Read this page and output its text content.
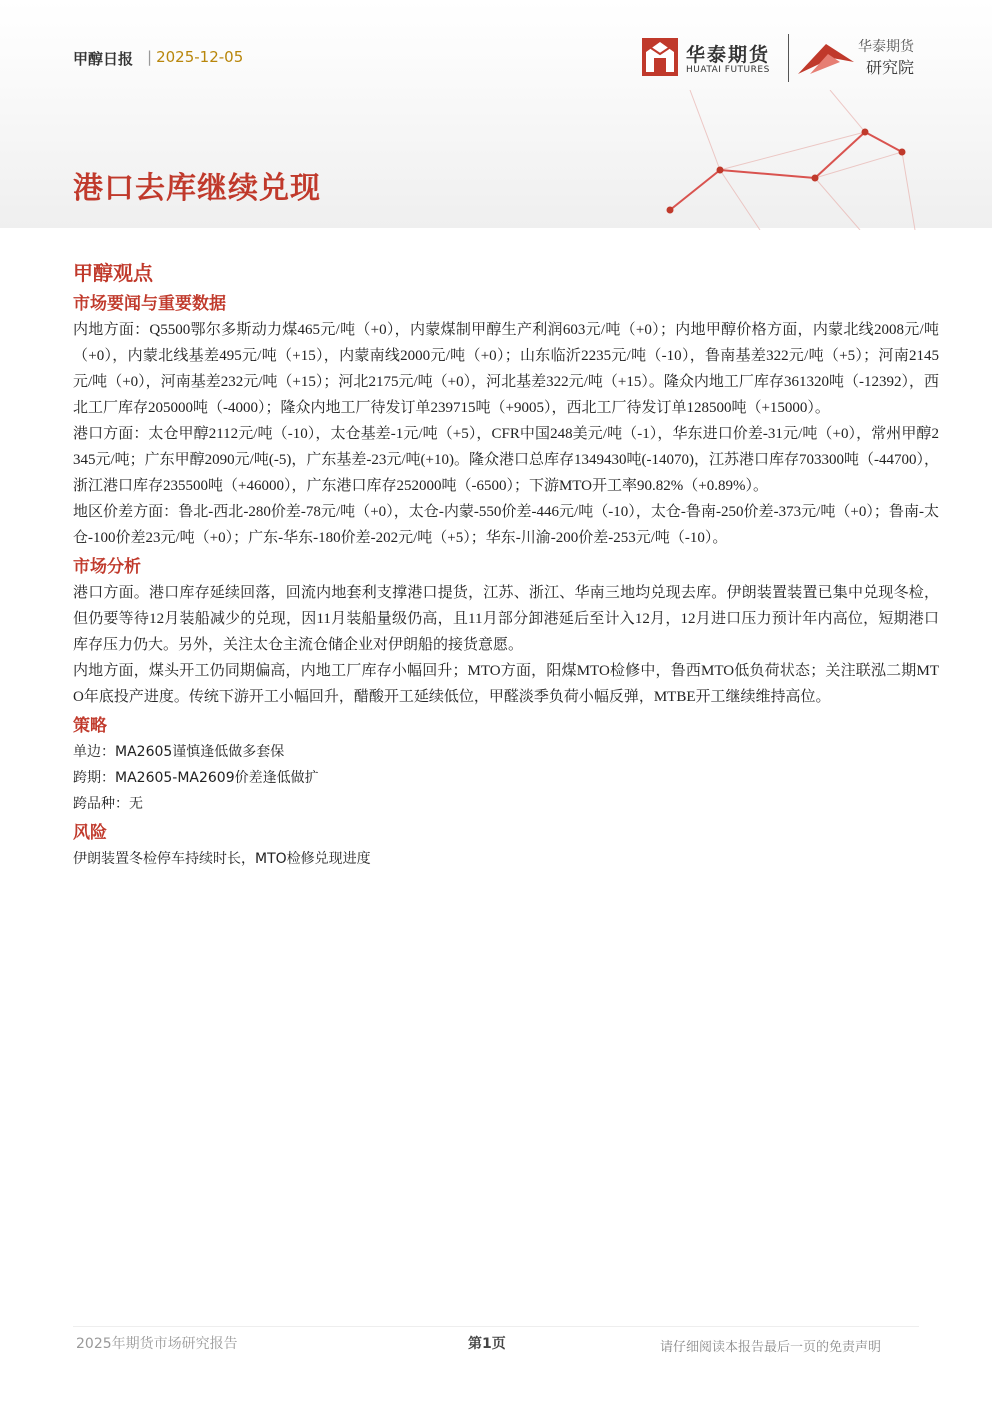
甲醇日报
|	2025-12-05	华泰期货
HUATAI FUTURES
华泰期货
研究院
港口去库继续兑现
甲醇观点
市场要闻与重要数据

内地方面：Q5500鄂尔多斯动力煤465元/吨（+0），内蒙煤制甲醇生产利润603元/吨（+0）；内地甲醇价格方面，内蒙北线2008元/吨（+0），内蒙北线基差495元/吨（+15），内蒙南线2000元/吨（+0）；山东临沂2235元/吨（-10），鲁南基差322元/吨（+5）；河南2145元/吨（+0），河南基差232元/吨（+15）；河北2175元/吨（+0），河北基差322元/吨（+15）。隆众内地工厂库存361320吨（-12392），西北工厂库存205000吨（-4000）；隆众内地工厂待发订单239715吨（+9005），西北工厂待发订单128500吨（+15000）。

港口方面：太仓甲醇2112元/吨（-10），太仓基差-1元/吨（+5），CFR中国248美元/吨（-1），华东进口价差-31元/吨（+0），常州甲醇2345元/吨；广东甲醇2090元/吨(-5)，广东基差-23元/吨(+10)。隆众港口总库存1349430吨(-14070)，江苏港口库存703300吨（-44700），浙江港口库存235500吨（+46000），广东港口库存252000吨（-6500）；下游MTO开工率90.82%（+0.89%）。

地区价差方面：鲁北-西北-280价差-78元/吨（+0），太仓-内蒙-550价差-446元/吨（-10），太仓-鲁南-250价差-373元/吨（+0）；鲁南-太仓-100价差23元/吨（+0）；广东-华东-180价差-202元/吨（+5）；华东-川渝-200价差-253元/吨（-10）。

市场分析

港口方面。港口库存延续回落，回流内地套利支撑港口提货，江苏、浙江、华南三地均兑现去库。伊朗装置装置已集中兑现冬检，但仍要等待12月装船减少的兑现，因11月装船量级仍高，且11月部分卸港延后至计入12月，12月进口压力预计年内高位，短期港口库存压力仍大。另外，关注太仓主流仓储企业对伊朗船的接货意愿。

内地方面，煤头开工仍同期偏高，内地工厂库存小幅回升；MTO方面，阳煤MTO检修中，鲁西MTO低负荷状态；关注联泓二期MTO年底投产进度。传统下游开工小幅回升，醋酸开工延续低位，甲醛淡季负荷小幅反弹，MTBE开工继续维持高位。

策略

单边：MA2605谨慎逢低做多套保

跨期：MA2605-MA2609价差逢低做扩

跨品种：无

风险

伊朗装置冬检停车持续时长，MTO检修兑现进度

2025年期货市场研究报告	第1页	请仔细阅读本报告最后一页的免责声明
